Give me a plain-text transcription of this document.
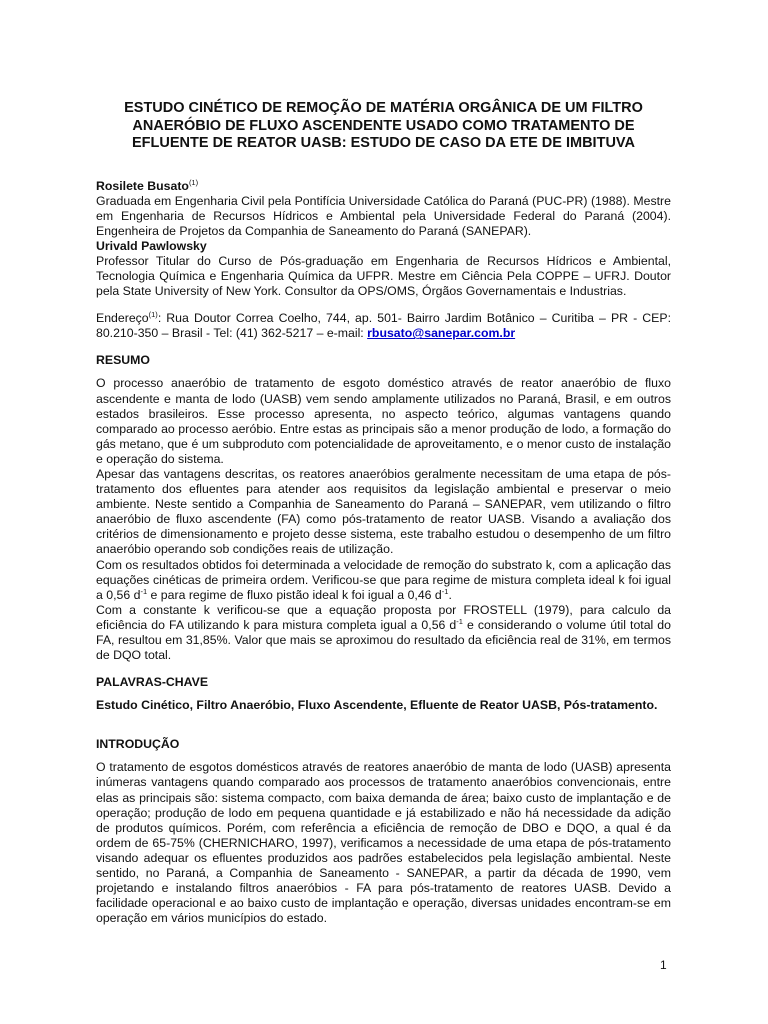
ESTUDO CINÉTICO DE REMOÇÃO DE MATÉRIA ORGÂNICA DE UM FILTRO ANAERÓBIO DE FLUXO ASCENDENTE USADO COMO TRATAMENTO DE EFLUENTE DE REATOR UASB: ESTUDO DE CASO DA ETE DE IMBITUVA
Rosilete Busato$^{(1)}$
Graduada em Engenharia Civil pela Pontifícia Universidade Católica do Paraná (PUC-PR) (1988). Mestre em Engenharia de Recursos Hídricos e Ambiental pela Universidade Federal do Paraná (2004). Engenheira de Projetos da Companhia de Saneamento do Paraná (SANEPAR).
Urivald Pawlowsky
Professor Titular do Curso de Pós-graduação em Engenharia de Recursos Hídricos e Ambiental, Tecnologia Química e Engenharia Química da UFPR. Mestre em Ciência Pela COPPE – UFRJ. Doutor pela State University of New York. Consultor da OPS/OMS, Órgãos Governamentais e Industrias.
Endereço$^{(1)}$: Rua Doutor Correa Coelho, 744, ap. 501- Bairro Jardim Botânico – Curitiba – PR - CEP: 80.210-350 – Brasil - Tel: (41) 362-5217 – e-mail: rbusato@sanepar.com.br
RESUMO
O processo anaeróbio de tratamento de esgoto doméstico através de reator anaeróbio de fluxo ascendente e manta de lodo (UASB) vem sendo amplamente utilizados no Paraná, Brasil, e em outros estados brasileiros. Esse processo apresenta, no aspecto teórico, algumas vantagens quando comparado ao processo aeróbio. Entre estas as principais são a menor produção de lodo, a formação do gás metano, que é um subproduto com potencialidade de aproveitamento, e o menor custo de instalação e operação do sistema.
Apesar das vantagens descritas, os reatores anaeróbios geralmente necessitam de uma etapa de pós-tratamento dos efluentes para atender aos requisitos da legislação ambiental e preservar o meio ambiente. Neste sentido a Companhia de Saneamento do Paraná – SANEPAR, vem utilizando o filtro anaeróbio de fluxo ascendente (FA) como pós-tratamento de reator UASB. Visando a avaliação dos critérios de dimensionamento e projeto desse sistema, este trabalho estudou o desempenho de um filtro anaeróbio operando sob condições reais de utilização.
Com os resultados obtidos foi determinada a velocidade de remoção do substrato k, com a aplicação das equações cinéticas de primeira ordem. Verificou-se que para regime de mistura completa ideal k foi igual a 0,56 $d^{-1}$ e para regime de fluxo pistão ideal k foi igual a 0,46 $d^{-1}$.
Com a constante k verificou-se que a equação proposta por FROSTELL (1979), para calculo da eficiência do FA utilizando k para mistura completa igual a 0,56 $d^{-1}$ e considerando o volume útil total do FA, resultou em 31,85%. Valor que mais se aproximou do resultado da eficiência real de 31%, em termos de DQO total.
PALAVRAS-CHAVE
Estudo Cinético, Filtro Anaeróbio, Fluxo Ascendente, Efluente de Reator UASB, Pós-tratamento.
INTRODUÇÃO
O tratamento de esgotos domésticos através de reatores anaeróbio de manta de lodo (UASB) apresenta inúmeras vantagens quando comparado aos processos de tratamento anaeróbios convencionais, entre elas as principais são: sistema compacto, com baixa demanda de área; baixo custo de implantação e de operação; produção de lodo em pequena quantidade e já estabilizado e não há necessidade da adição de produtos químicos. Porém, com referência a eficiência de remoção de DBO e DQO, a qual é da ordem de 65-75% (CHERNICHARO, 1997), verificamos a necessidade de uma etapa de pós-tratamento visando adequar os efluentes produzidos aos padrões estabelecidos pela legislação ambiental. Neste sentido, no Paraná, a Companhia de Saneamento - SANEPAR, a partir da década de 1990, vem projetando e instalando filtros anaeróbios - FA para pós-tratamento de reatores UASB. Devido a facilidade operacional e ao baixo custo de implantação e operação, diversas unidades encontram-se em operação em vários municípios do estado.
1
